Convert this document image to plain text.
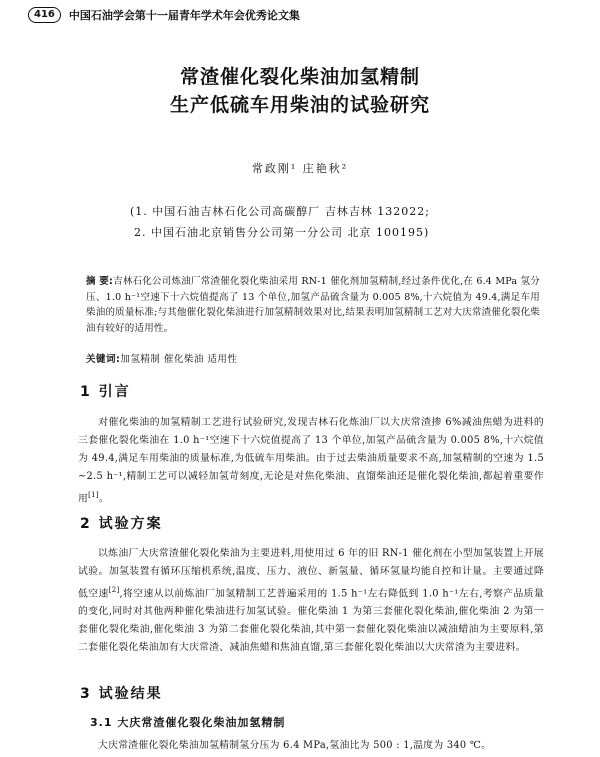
416	中国石油学会第十一届青年学术年会优秀论文集
常渣催化裂化柴油加氢精制
生产低硫车用柴油的试验研究
常政刚¹ 庄艳秋²
(1. 中国石油吉林石化公司高碳醇厂 吉林吉林 132022;
2. 中国石油北京销售分公司第一分公司 北京 100195)
摘 要:吉林石化公司炼油厂常渣催化裂化柴油采用 RN-1 催化剂加氢精制,经过条件优化,在 6.4 MPa 氢分压、1.0 h⁻¹空速下十六烷值提高了 13 个单位,加氢产品硫含量为 0.005 8%,十六烷值为 49.4,满足车用柴油的质量标准;与其他催化裂化柴油进行加氢精制效果对比,结果表明加氢精制工艺对大庆常渣催化裂化柴油有较好的适用性。
关键词:加氢精制 催化柴油 适用性
1 引言
对催化柴油的加氢精制工艺进行试验研究,发现吉林石化炼油厂以大庆常渣掺 6%减油焦蜡为进料的三套催化裂化柴油在 1.0 h⁻¹空速下十六烷值提高了 13 个单位,加氢产品硫含量为 0.005 8%,十六烷值为 49.4,满足车用柴油的质量标准,为低硫车用柴油。由于过去柴油质量要求不高,加氢精制的空速为 1.5 ~2.5 h⁻¹,精制工艺可以减轻加氢苛刻度,无论是对焦化柴油、直馏柴油还是催化裂化柴油,都起着重要作用[1]。
2 试验方案
以炼油厂大庆常渣催化裂化柴油为主要进料,用使用过 6 年的旧 RN-1 催化剂在小型加氢装置上开展试验。加氢装置有循环压缩机系统,温度、压力、液位、新氢量、循环氢量均能自控和计量。主要通过降低空速[2],将空速从以前炼油厂加氢精制工艺普遍采用的 1.5 h⁻¹左右降低到 1.0 h⁻¹左右,考察产品质量的变化,同时对其他两种催化柴油进行加氢试验。催化柴油 1 为第三套催化裂化柴油,催化柴油 2 为第一套催化裂化柴油,催化柴油 3 为第二套催化裂化柴油,其中第一套催化裂化柴油以减油蜡油为主要原料,第二套催化裂化柴油加有大庆常渣、减油焦蜡和焦油直馏,第三套催化裂化柴油以大庆常渣为主要进料。
3 试验结果
3.1 大庆常渣催化裂化柴油加氢精制
大庆常渣催化裂化柴油加氢精制氢分压为 6.4 MPa,氢油比为 500 : 1,温度为 340 ℃。
